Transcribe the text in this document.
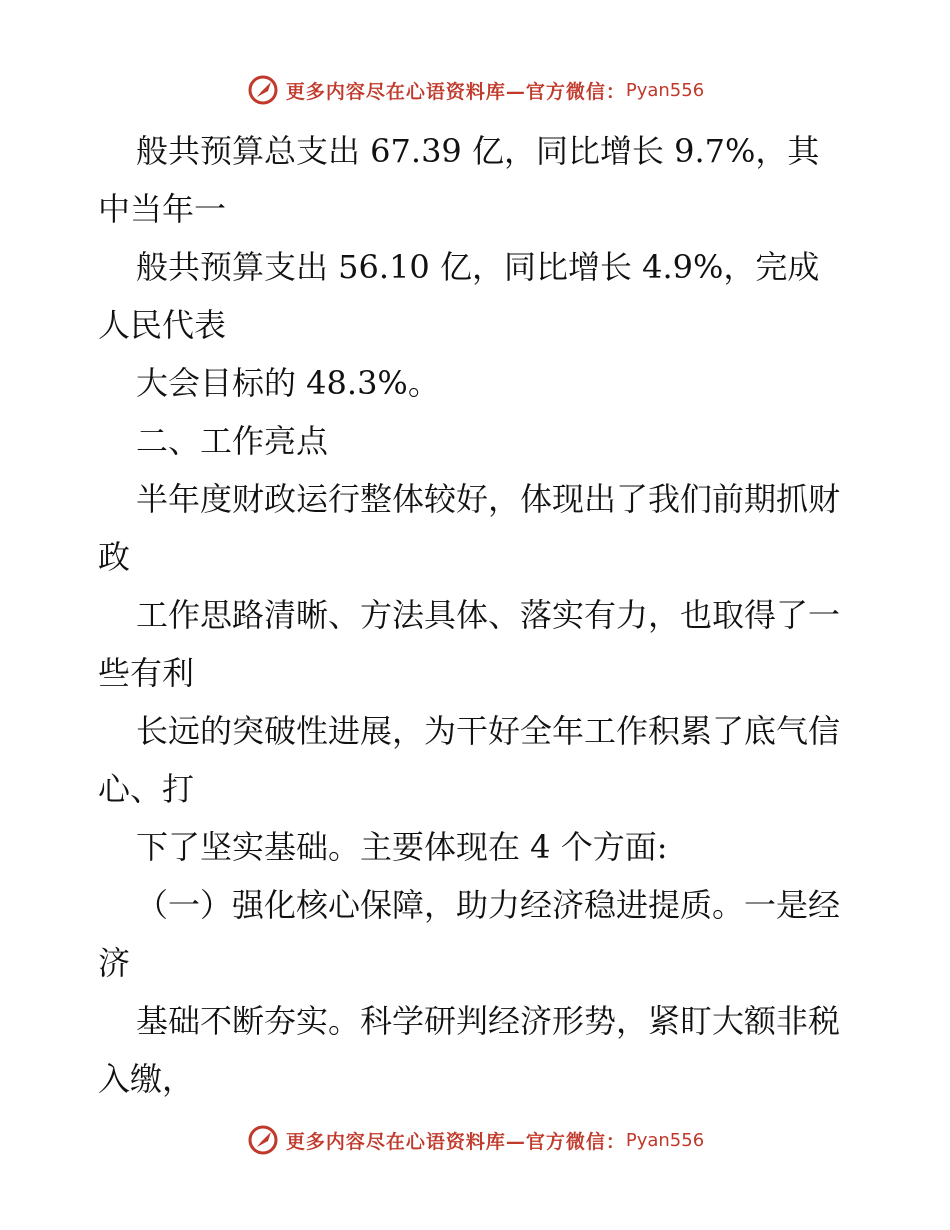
更多内容尽在心语资料库—官方微信： Pyan556

般共预算总支出 67.39 亿，同比增长 9.7%，其中当年一

般共预算支出 56.10 亿，同比增长 4.9%，完成人民代表

大会目标的 48.3%。

二、工作亮点

半年度财政运行整体较好，体现出了我们前期抓财政

工作思路清晰、方法具体、落实有力，也取得了一些有利

长远的突破性进展，为干好全年工作积累了底气信心、打

下了坚实基础。主要体现在 4 个方面:

（一）强化核心保障，助力经济稳进提质。一是经济

基础不断夯实。科学研判经济形势，紧盯大额非税入缴，

更多内容尽在心语资料库—官方微信： Pyan556
